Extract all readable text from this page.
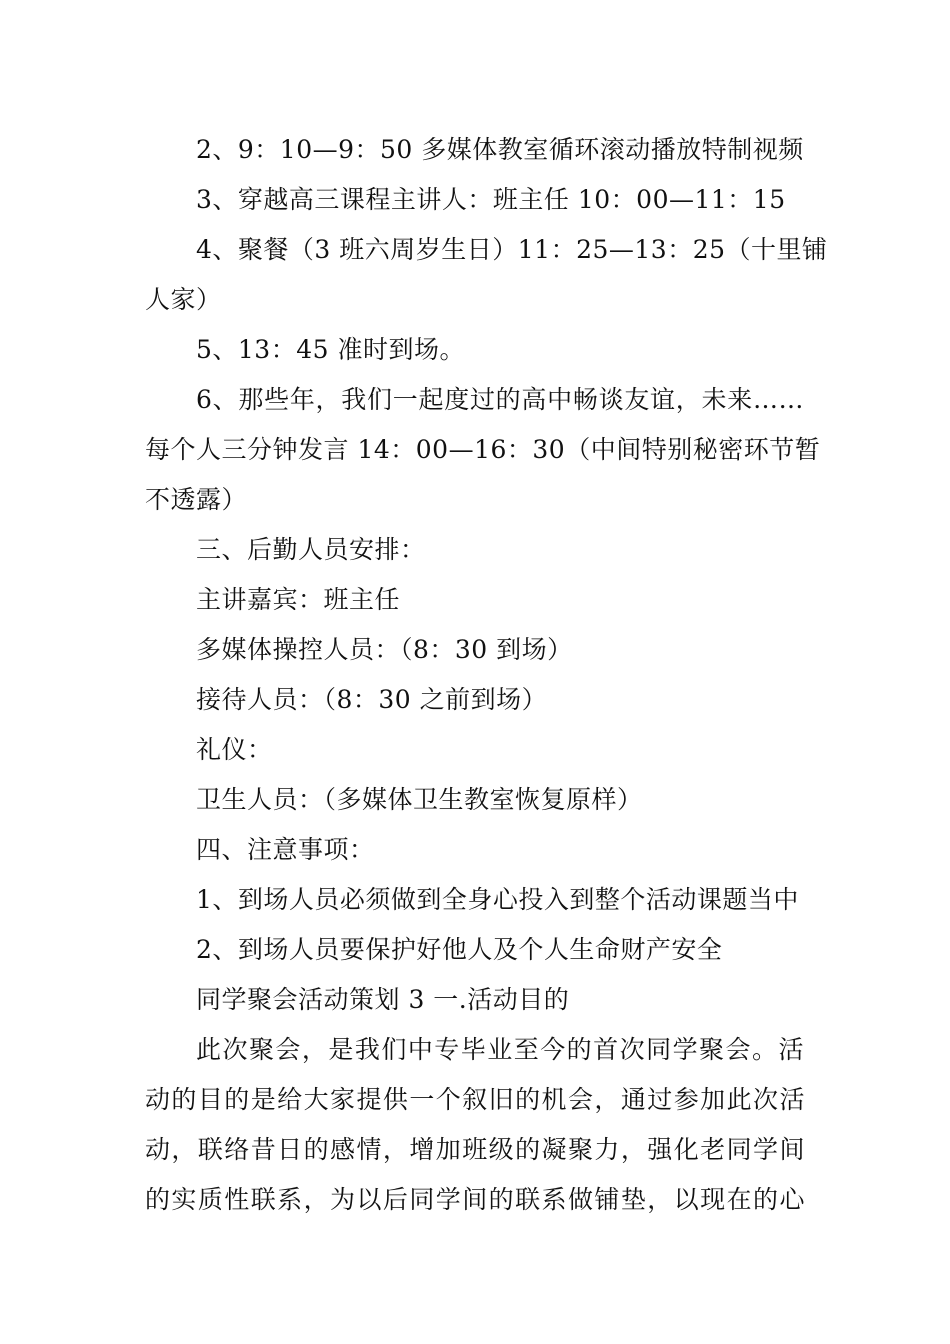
2、9：10—9：50 多媒体教室循环滚动播放特制视频
3、穿越高三课程主讲人：班主任 10：00—11：15
4、聚餐（3 班六周岁生日）11：25—13：25（十里铺
人家）
5、13：45 准时到场。
6、那些年，我们一起度过的高中畅谈友谊，未来……
每个人三分钟发言 14：00—16：30（中间特别秘密环节暂
不透露）
三、后勤人员安排：
主讲嘉宾：班主任
多媒体操控人员：（8：30 到场）
接待人员：（8：30 之前到场）
礼仪：
卫生人员：（多媒体卫生教室恢复原样）
四、注意事项：
1、到场人员必须做到全身心投入到整个活动课题当中
2、到场人员要保护好他人及个人生命财产安全
同学聚会活动策划 3 一.活动目的
此次聚会，是我们中专毕业至今的首次同学聚会。活
动的目的是给大家提供一个叙旧的机会，通过参加此次活
动，联络昔日的感情，增加班级的凝聚力，强化老同学间
的实质性联系，为以后同学间的联系做铺垫，以现在的心
